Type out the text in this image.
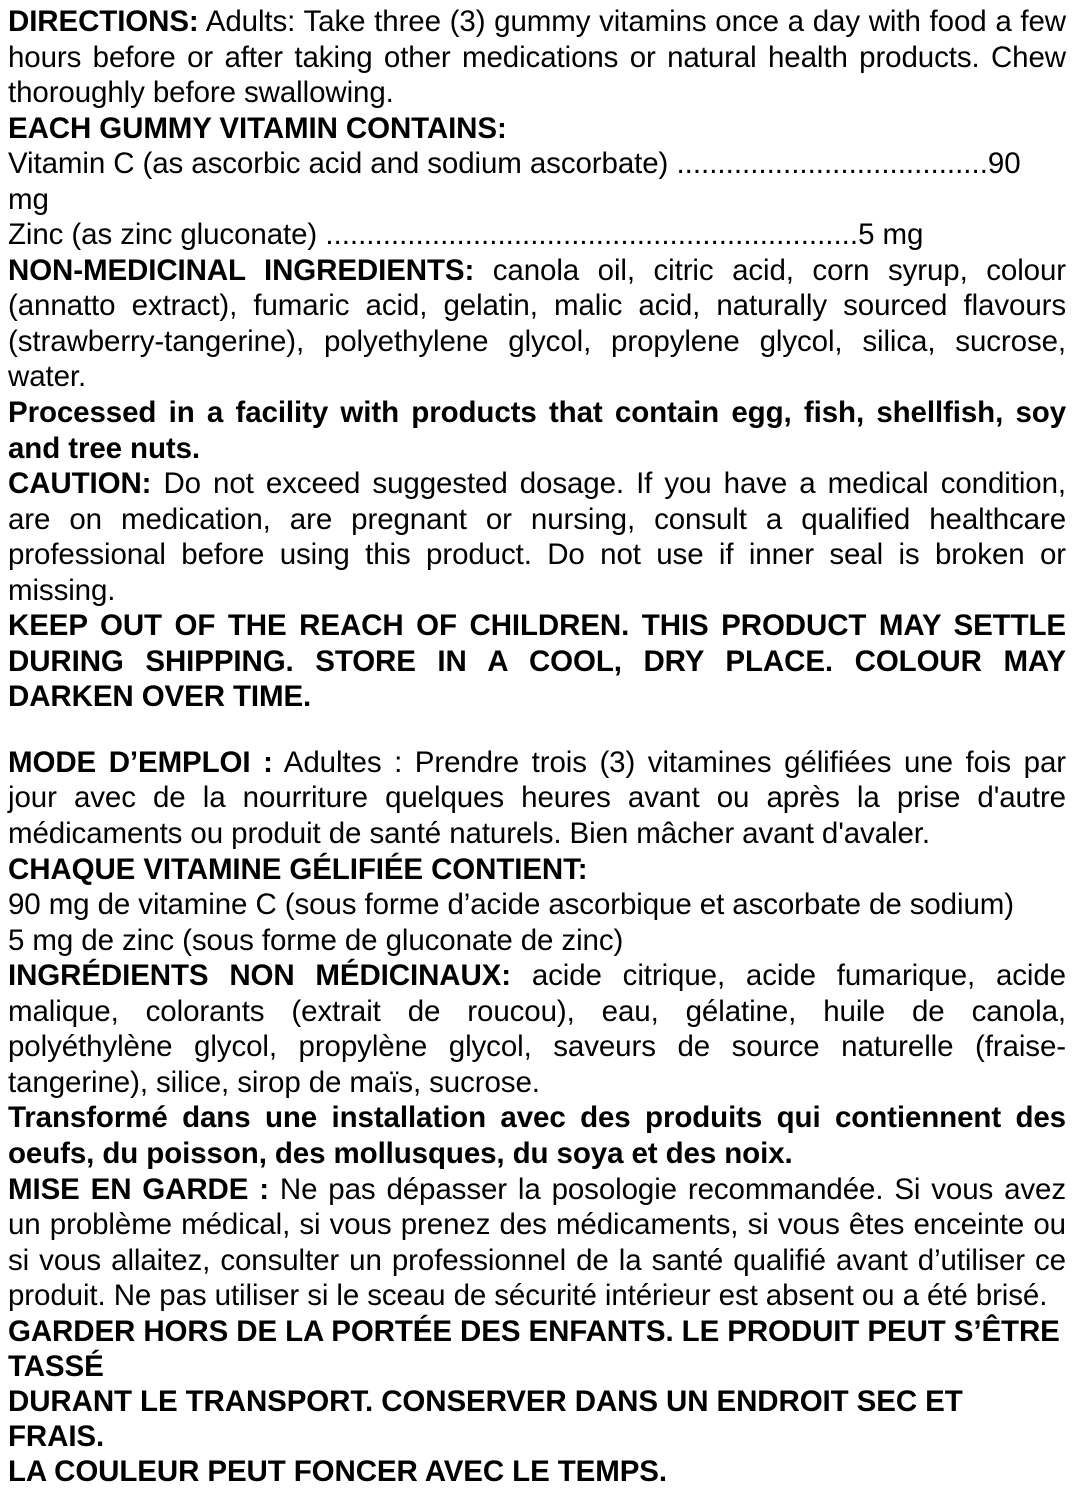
DIRECTIONS: Adults: Take three (3) gummy vitamins once a day with food a few hours before or after taking other medications or natural health products. Chew thoroughly before swallowing.

EACH GUMMY VITAMIN CONTAINS:

Vitamin C (as ascorbic acid and sodium ascorbate) ......................................90 mg

Zinc (as zinc gluconate) .................................................................5 mg

NON-MEDICINAL INGREDIENTS: canola oil, citric acid, corn syrup, colour (annatto extract), fumaric acid, gelatin, malic acid, naturally sourced flavours (strawberry-tangerine), polyethylene glycol, propylene glycol, silica, sucrose, water.

Processed in a facility with products that contain egg, fish, shellfish, soy and tree nuts.

CAUTION: Do not exceed suggested dosage. If you have a medical condition, are on medication, are pregnant or nursing, consult a qualified healthcare professional before using this product. Do not use if inner seal is broken or missing.

KEEP OUT OF THE REACH OF CHILDREN. THIS PRODUCT MAY SETTLE DURING SHIPPING. STORE IN A COOL, DRY PLACE. COLOUR MAY DARKEN OVER TIME.

MODE D’EMPLOI : Adultes : Prendre trois (3) vitamines gélifiées une fois par jour avec de la nourriture quelques heures avant ou après la prise d'autre médicaments ou produit de santé naturels. Bien mâcher avant d'avaler.

CHAQUE VITAMINE GÉLIFIÉE CONTIENT:

90 mg de vitamine C (sous forme d’acide ascorbique et ascorbate de sodium)

5 mg de zinc (sous forme de gluconate de zinc)

INGRÉDIENTS NON MÉDICINAUX: acide citrique, acide fumarique, acide malique, colorants (extrait de roucou), eau, gélatine, huile de canola, polyéthylène glycol, propylène glycol, saveurs de source naturelle (fraise-tangerine), silice, sirop de maïs, sucrose.

Transformé dans une installation avec des produits qui contiennent des oeufs, du poisson, des mollusques, du soya et des noix.

MISE EN GARDE : Ne pas dépasser la posologie recommandée. Si vous avez un problème médical, si vous prenez des médicaments, si vous êtes enceinte ou si vous allaitez, consulter un professionnel de la santé qualifié avant d’utiliser ce produit. Ne pas utiliser si le sceau de sécurité intérieur est absent ou a été brisé.

GARDER HORS DE LA PORTÉE DES ENFANTS. LE PRODUIT PEUT S’ÊTRE TASSÉ

DURANT LE TRANSPORT. CONSERVER DANS UN ENDROIT SEC ET FRAIS.

LA COULEUR PEUT FONCER AVEC LE TEMPS.
